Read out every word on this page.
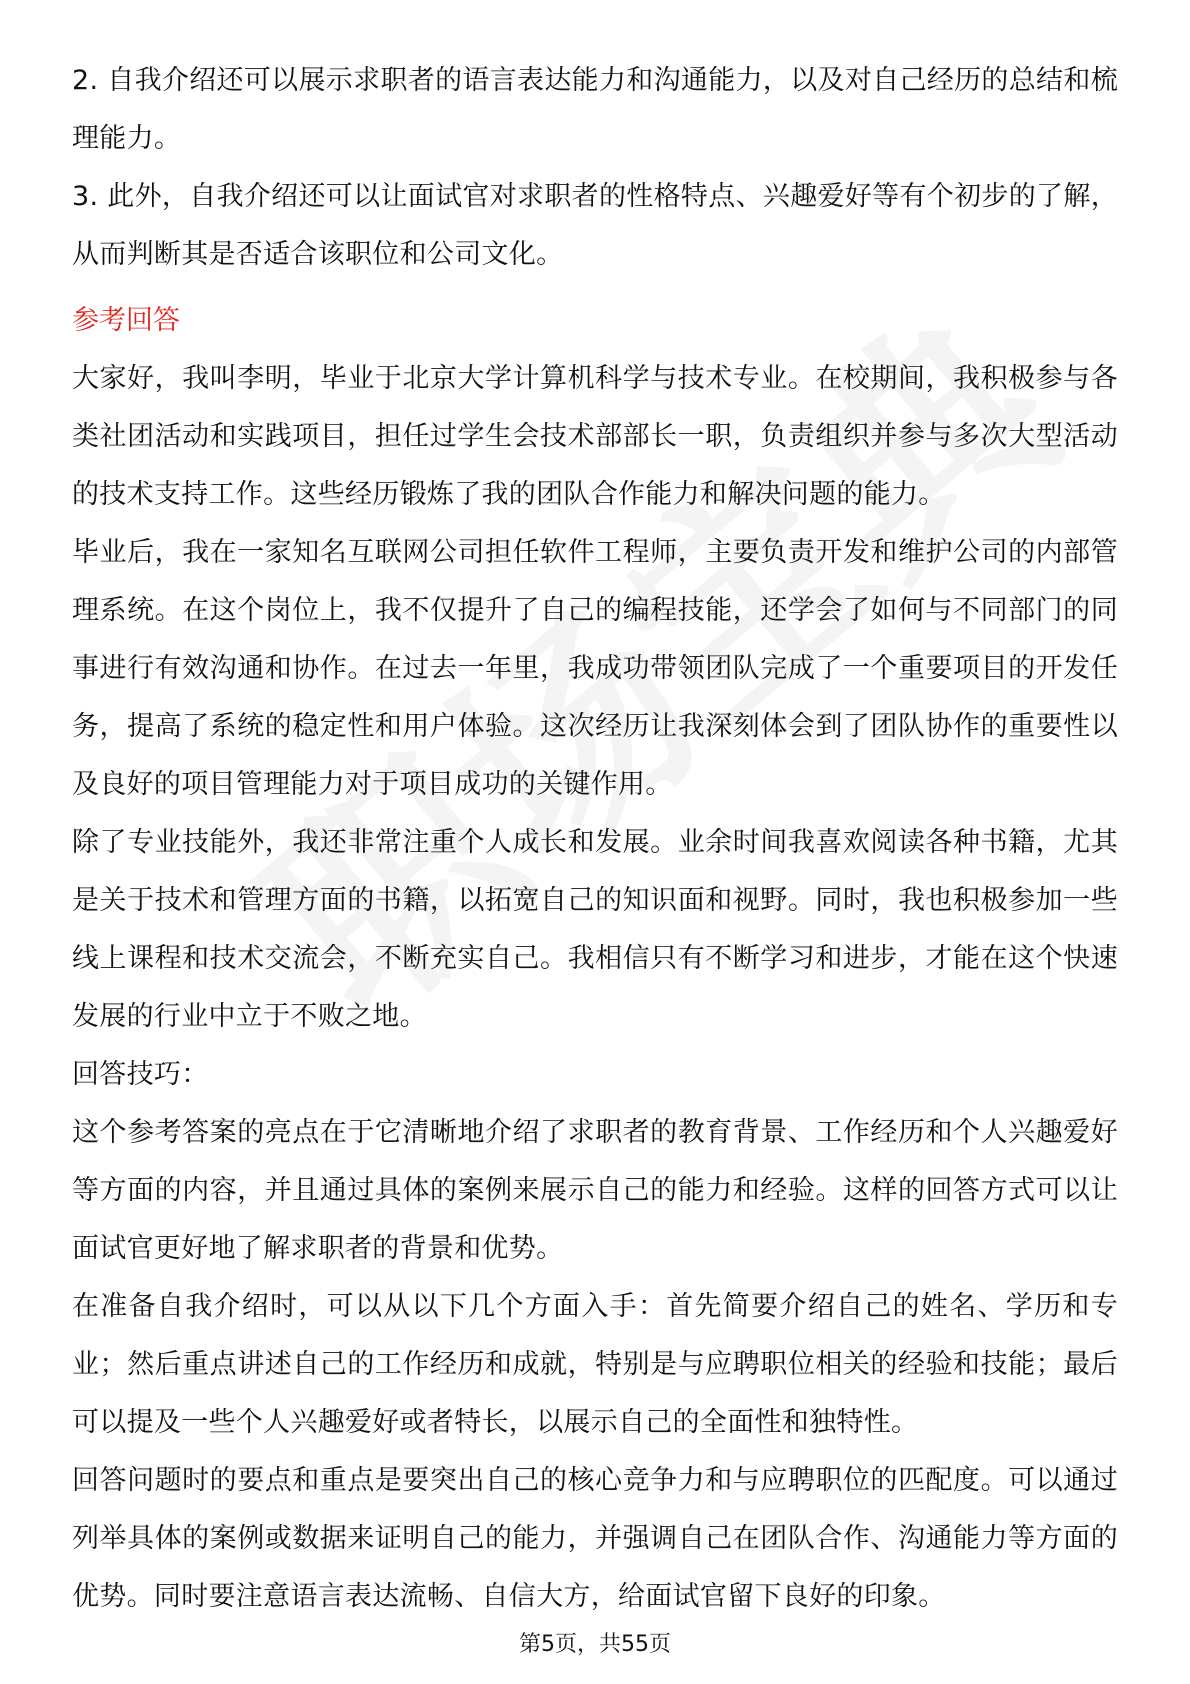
2. 自我介绍还可以展示求职者的语言表达能力和沟通能力，以及对自己经历的总结和梳理能力。

3. 此外，自我介绍还可以让面试官对求职者的性格特点、兴趣爱好等有个初步的了解，从而判断其是否适合该职位和公司文化。

参考回答

大家好，我叫李明，毕业于北京大学计算机科学与技术专业。在校期间，我积极参与各类社团活动和实践项目，担任过学生会技术部部长一职，负责组织并参与多次大型活动的技术支持工作。这些经历锻炼了我的团队合作能力和解决问题的能力。

毕业后，我在一家知名互联网公司担任软件工程师，主要负责开发和维护公司的内部管理系统。在这个岗位上，我不仅提升了自己的编程技能，还学会了如何与不同部门的同事进行有效沟通和协作。在过去一年里，我成功带领团队完成了一个重要项目的开发任务，提高了系统的稳定性和用户体验。这次经历让我深刻体会到了团队协作的重要性以及良好的项目管理能力对于项目成功的关键作用。

除了专业技能外，我还非常注重个人成长和发展。业余时间我喜欢阅读各种书籍，尤其是关于技术和管理方面的书籍，以拓宽自己的知识面和视野。同时，我也积极参加一些线上课程和技术交流会，不断充实自己。我相信只有不断学习和进步，才能在这个快速发展的行业中立于不败之地。

回答技巧：

这个参考答案的亮点在于它清晰地介绍了求职者的教育背景、工作经历和个人兴趣爱好等方面的内容，并且通过具体的案例来展示自己的能力和经验。这样的回答方式可以让面试官更好地了解求职者的背景和优势。

在准备自我介绍时，可以从以下几个方面入手：首先简要介绍自己的姓名、学历和专业；然后重点讲述自己的工作经历和成就，特别是与应聘职位相关的经验和技能；最后可以提及一些个人兴趣爱好或者特长，以展示自己的全面性和独特性。

回答问题时的要点和重点是要突出自己的核心竞争力和与应聘职位的匹配度。可以通过列举具体的案例或数据来证明自己的能力，并强调自己在团队合作、沟通能力等方面的优势。同时要注意语言表达流畅、自信大方，给面试官留下良好的印象。

第5页，共55页
